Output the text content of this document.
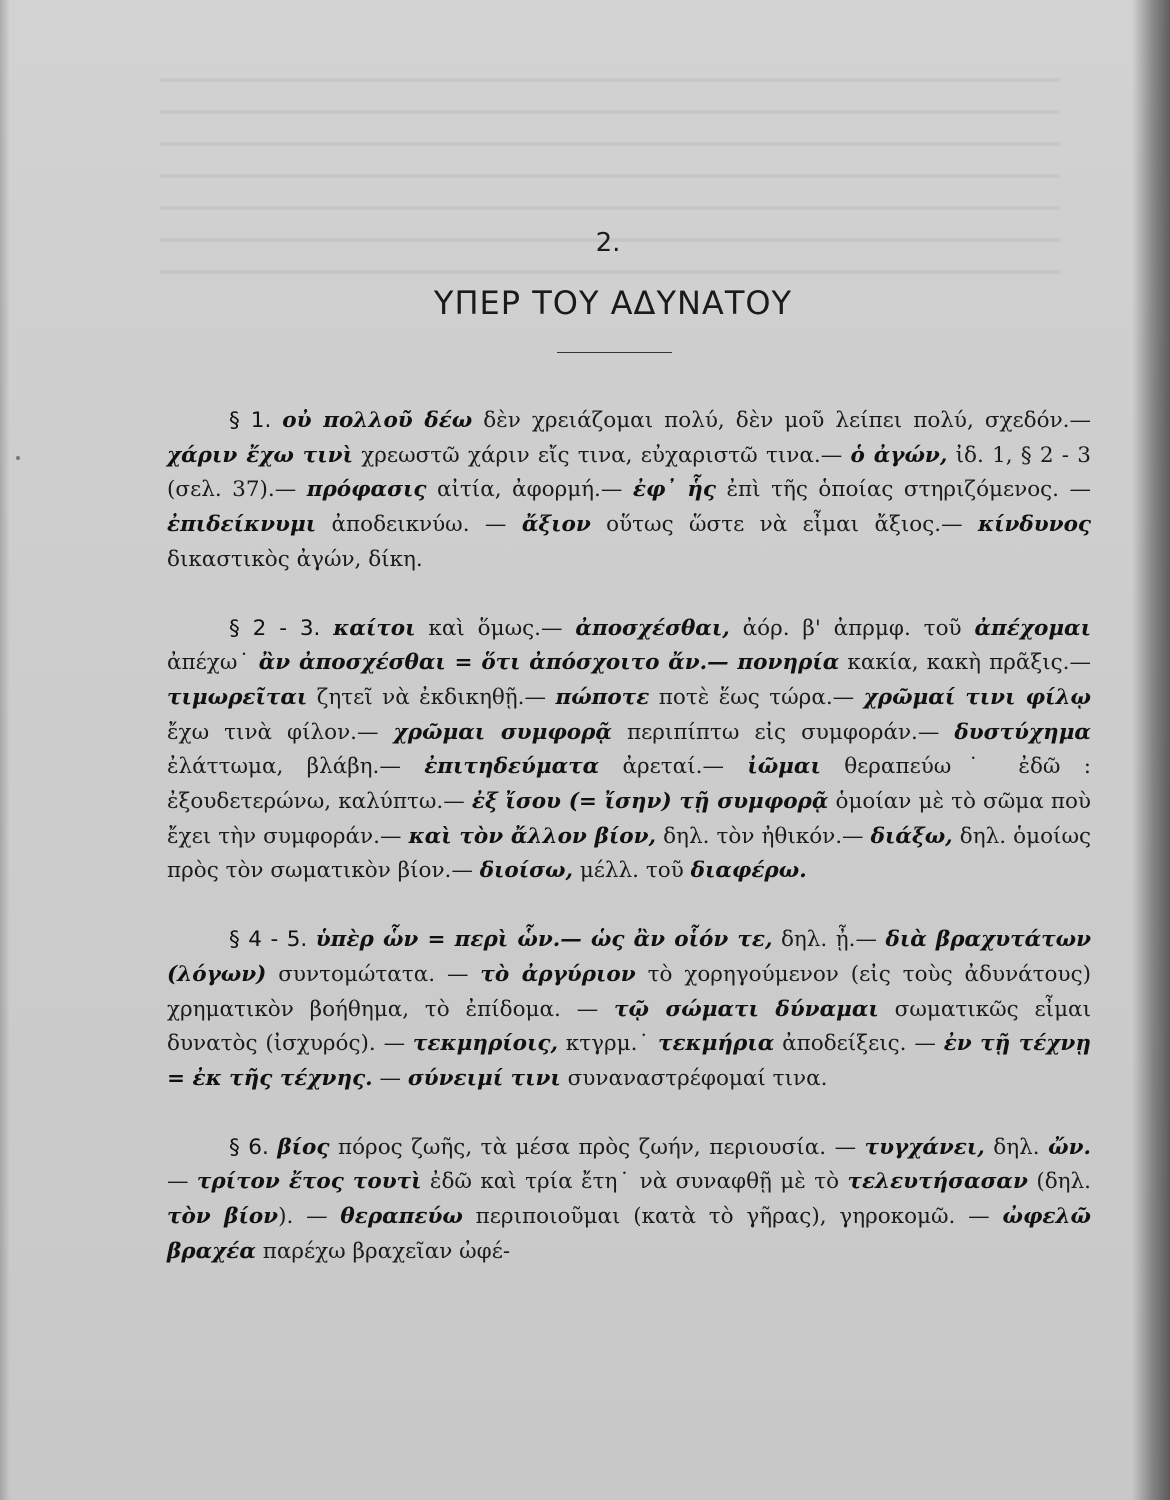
2.
ΥΠΕΡ ΤΟΥ ΑΔΥΝΑΤΟΥ

§ 1. οὐ πολλοῦ δέω δὲν χρειάζομαι πολύ, δὲν μοῦ λείπει πολύ, σχεδόν.— χάριν ἔχω τινὶ χρεωστῶ χάριν εἴς τινα, εὐχαριστῶ τινα.— ὁ ἀγών, ἰδ. 1, § 2 - 3 (σελ. 37).— πρόφασις αἰτία, ἀφορμή.— ἐφ᾽ ἧς ἐπὶ τῆς ὁποίας στηριζόμενος. — ἐπιδείκνυμι ἀποδεικνύω. — ἄξιον οὕτως ὥστε νὰ εἶμαι ἄξιος.— κίνδυνος δικαστικὸς ἀγών, δίκη.

§ 2 - 3. καίτοι καὶ ὅμως.— ἀποσχέσθαι, ἀόρ. β' ἀπρμφ. τοῦ ἀπέχομαι ἀπέχω˙ ἂν ἀποσχέσθαι = ὅτι ἀπόσχοιτο ἄν.— πονηρία κακία, κακὴ πρᾶξις.— τιμωρεῖται ζητεῖ νὰ ἐκδικηθῇ.— πώποτε ποτὲ ἕως τώρα.— χρῶμαί τινι φίλῳ ἔχω τινὰ φίλον.— χρῶμαι συμφορᾷ περιπίπτω εἰς συμφοράν.— δυστύχημα ἐλάττωμα, βλάβη.— ἐπιτηδεύματα ἀρεταί.— ἰῶμαι θεραπεύω˙ ἐδῶ : ἐξουδετερώνω, καλύπτω.— ἐξ ἴσου (= ἴσην) τῇ συμφορᾷ ὁμοίαν μὲ τὸ σῶμα ποὺ ἔχει τὴν συμφοράν.— καὶ τὸν ἄλλον βίον, δηλ. τὸν ἠθικόν.— διάξω, δηλ. ὁμοίως πρὸς τὸν σωματικὸν βίον.— διοίσω, μέλλ. τοῦ διαφέρω.

§ 4 - 5. ὑπὲρ ὧν = περὶ ὧν.— ὡς ἂν οἷόν τε, δηλ. ᾖ.— διὰ βραχυτάτων (λόγων) συντομώτατα. — τὸ ἀργύριον τὸ χορηγούμενον (εἰς τοὺς ἀδυνάτους) χρηματικὸν βοήθημα, τὸ ἐπίδομα. — τῷ σώματι δύναμαι σωματικῶς εἶμαι δυνατὸς (ἰσχυρός). — τεκμηρίοις, κτγρμ.˙ τεκμήρια ἀποδείξεις. — ἐν τῇ τέχνῃ = ἐκ τῆς τέχνης. — σύνειμί τινι συναναστρέφομαί τινα.

§ 6. βίος πόρος ζωῆς, τὰ μέσα πρὸς ζωήν, περιουσία. — τυγχάνει, δηλ. ὤν. — τρίτον ἔτος τουτὶ ἐδῶ καὶ τρία ἔτη˙ νὰ συναφθῇ μὲ τὸ τελευτήσασαν (δηλ. τὸν βίον). — θεραπεύω περιποιοῦμαι (κατὰ τὸ γῆρας), γηροκομῶ. — ὠφελῶ βραχέα παρέχω βραχεῖαν ὠφέ-
